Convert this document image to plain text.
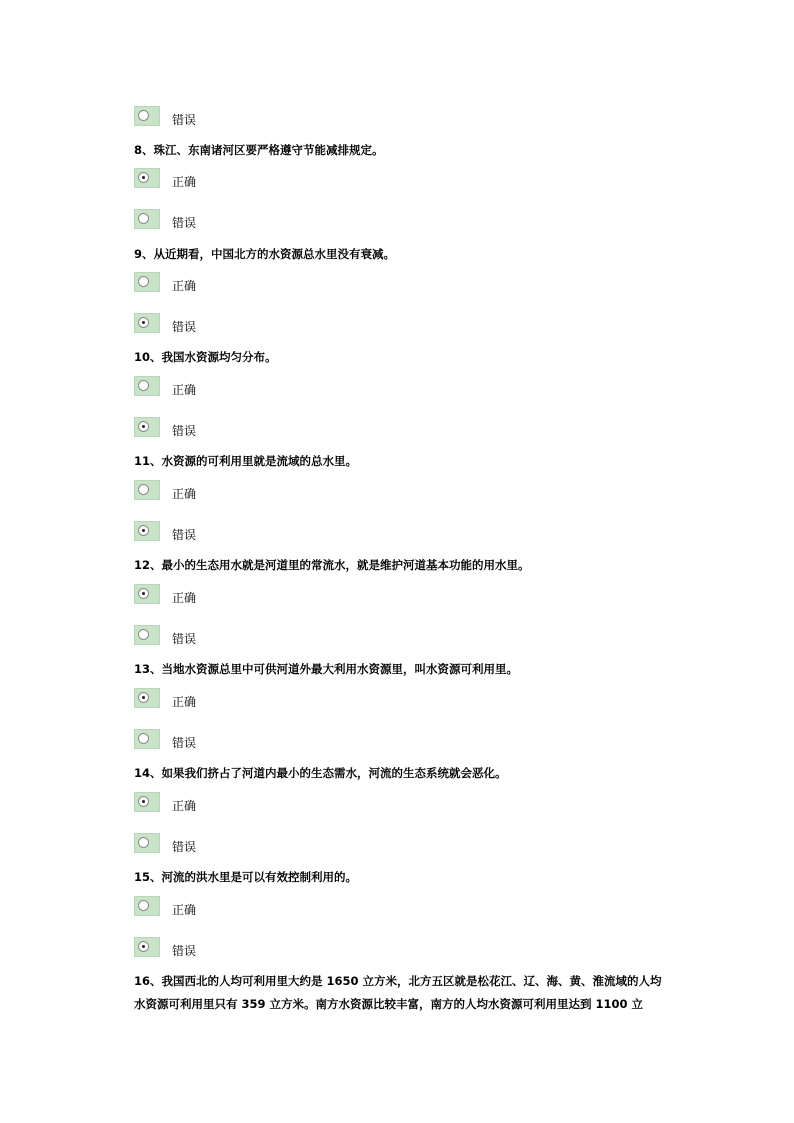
错误
8、珠江、东南诸河区要严格遵守节能减排规定。
正确
错误
9、从近期看，中国北方的水资源总水里没有衰减。
正确
错误
10、我国水资源均匀分布。
正确
错误
11、水资源的可利用里就是流域的总水里。
正确
错误
12、最小的生态用水就是河道里的常流水，就是维护河道基本功能的用水里。
正确
错误
13、当地水资源总里中可供河道外最大利用水资源里，叫水资源可利用里。
正确
错误
14、如果我们挤占了河道内最小的生态需水，河流的生态系统就会恶化。
正确
错误
15、河流的洪水里是可以有效控制利用的。
正确
错误
16、我国西北的人均可利用里大约是 1650 立方米，北方五区就是松花江、辽、海、黄、淮流域的人均水资源可利用里只有 359 立方米。南方水资源比较丰富，南方的人均水资源可利用里达到 1100 立
